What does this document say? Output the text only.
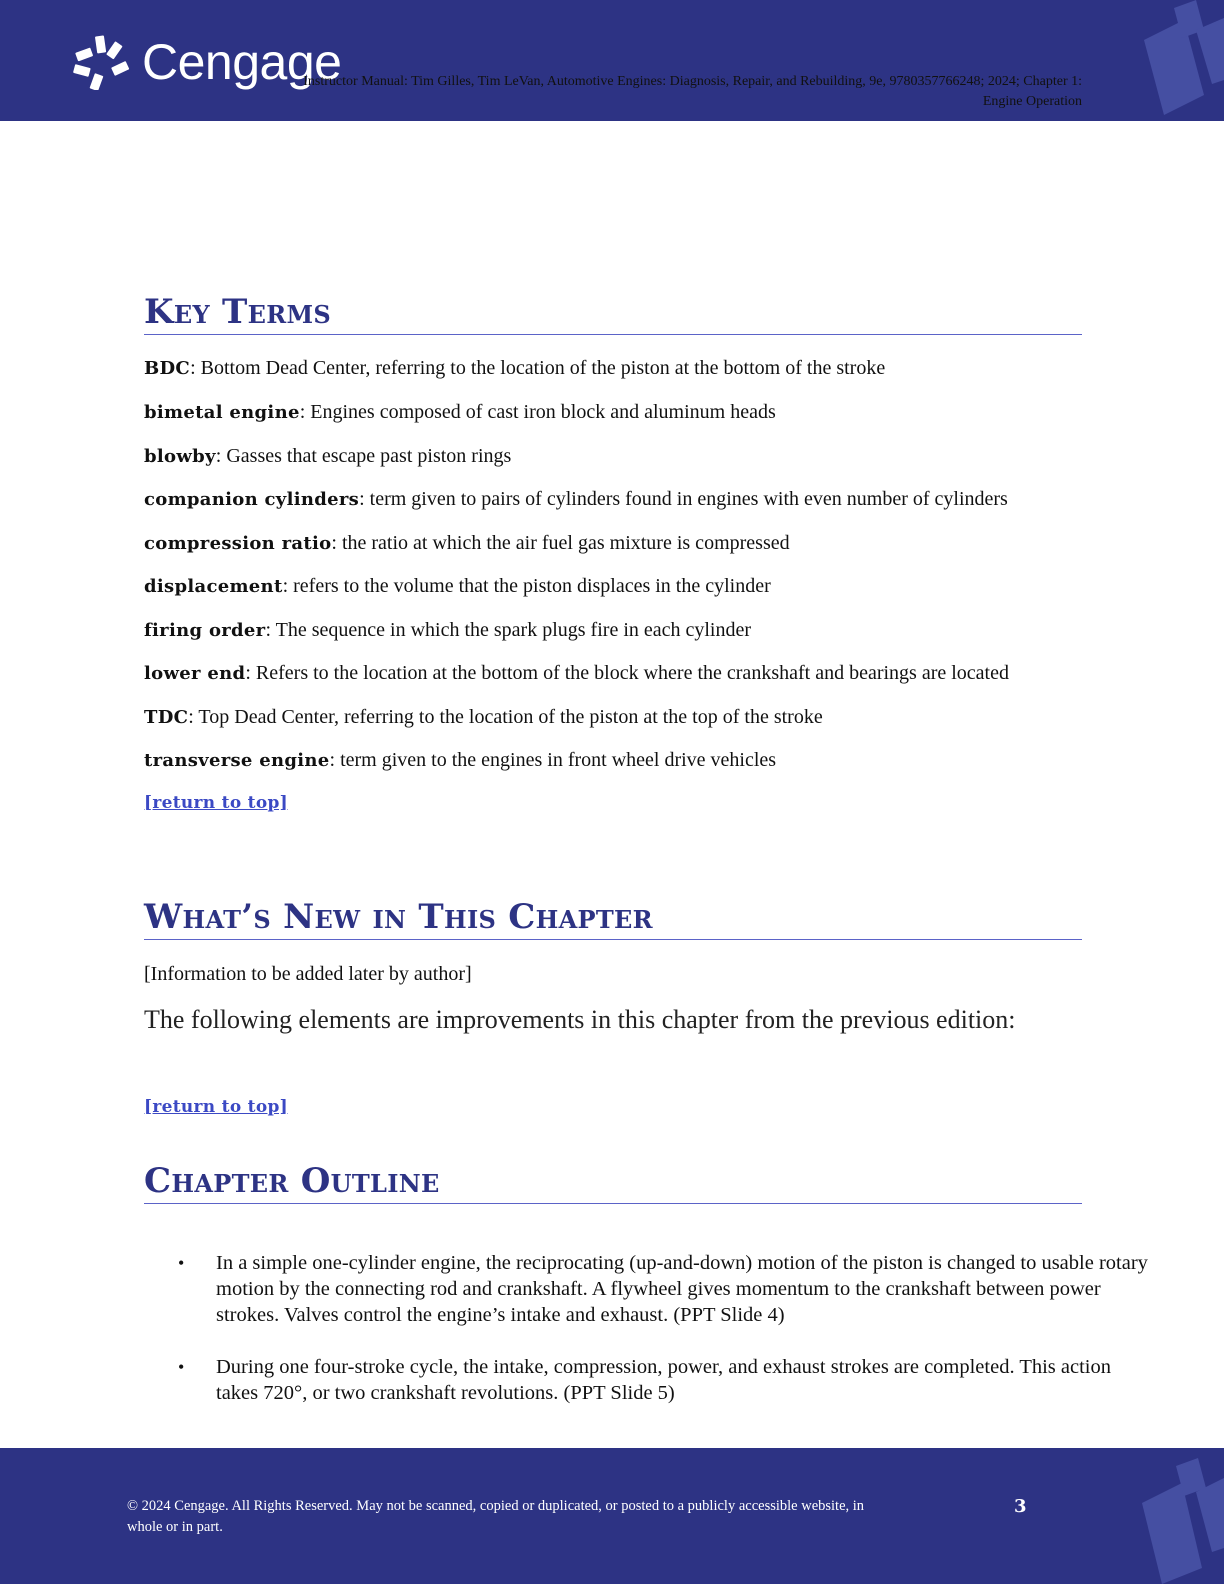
Cengage
Instructor Manual: Tim Gilles, Tim LeVan, Automotive Engines: Diagnosis, Repair, and Rebuilding, 9e, 9780357766248; 2024; Chapter 1:
Engine Operation
Key Terms
BDC: Bottom Dead Center, referring to the location of the piston at the bottom of the stroke
bimetal engine: Engines composed of cast iron block and aluminum heads
blowby: Gasses that escape past piston rings
companion cylinders: term given to pairs of cylinders found in engines with even number of cylinders
compression ratio: the ratio at which the air fuel gas mixture is compressed
displacement: refers to the volume that the piston displaces in the cylinder
firing order: The sequence in which the spark plugs fire in each cylinder
lower end: Refers to the location at the bottom of the block where the crankshaft and bearings are located
TDC: Top Dead Center, referring to the location of the piston at the top of the stroke
transverse engine: term given to the engines in front wheel drive vehicles
[return to top]
What’s New in This Chapter
[Information to be added later by author]
The following elements are improvements in this chapter from the previous edition:
[return to top]
Chapter Outline
• In a simple one-cylinder engine, the reciprocating (up-and-down) motion of the piston is changed to usable rotary motion by the connecting rod and crankshaft. A flywheel gives momentum to the crankshaft between power strokes. Valves control the engine’s intake and exhaust. (PPT Slide 4)
• During one four-stroke cycle, the intake, compression, power, and exhaust strokes are completed. This action takes 720°, or two crankshaft revolutions. (PPT Slide 5)
© 2024 Cengage. All Rights Reserved. May not be scanned, copied or duplicated, or posted to a publicly accessible website, in whole or in part.
3
